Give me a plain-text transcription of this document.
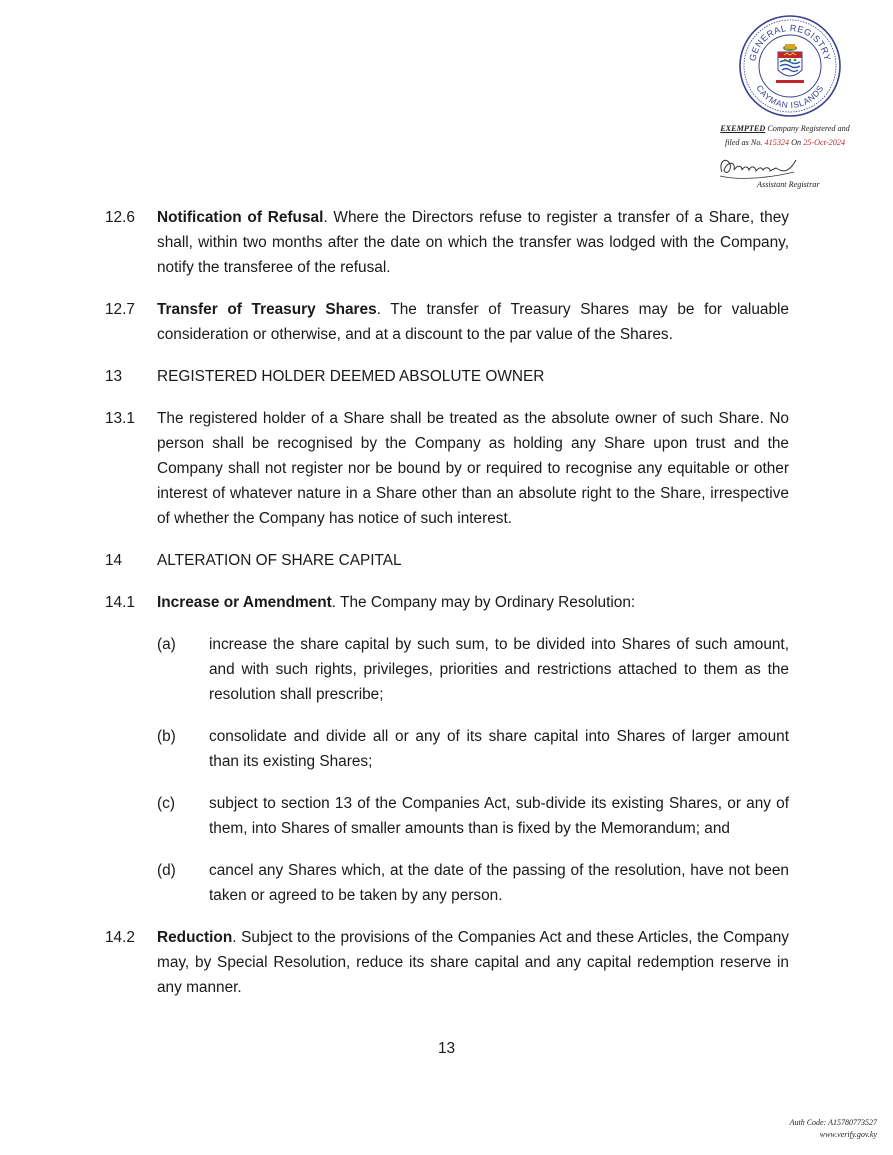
GENERAL REGISTRY
CAYMAN ISLANDS
EXEMPTED Company Registered and
filed as No. 415324 On 25-Oct-2024
Assistant Registrar
12.6 Notification of Refusal. Where the Directors refuse to register a transfer of a Share, they shall, within two months after the date on which the transfer was lodged with the Company, notify the transferee of the refusal.
12.7 Transfer of Treasury Shares. The transfer of Treasury Shares may be for valuable consideration or otherwise, and at a discount to the par value of the Shares.
13 REGISTERED HOLDER DEEMED ABSOLUTE OWNER
13.1 The registered holder of a Share shall be treated as the absolute owner of such Share. No person shall be recognised by the Company as holding any Share upon trust and the Company shall not register nor be bound by or required to recognise any equitable or other interest of whatever nature in a Share other than an absolute right to the Share, irrespective of whether the Company has notice of such interest.
14 ALTERATION OF SHARE CAPITAL
14.1 Increase or Amendment. The Company may by Ordinary Resolution:
(a) increase the share capital by such sum, to be divided into Shares of such amount, and with such rights, privileges, priorities and restrictions attached to them as the resolution shall prescribe;
(b) consolidate and divide all or any of its share capital into Shares of larger amount than its existing Shares;
(c) subject to section 13 of the Companies Act, sub-divide its existing Shares, or any of them, into Shares of smaller amounts than is fixed by the Memorandum; and
(d) cancel any Shares which, at the date of the passing of the resolution, have not been taken or agreed to be taken by any person.
14.2 Reduction. Subject to the provisions of the Companies Act and these Articles, the Company may, by Special Resolution, reduce its share capital and any capital redemption reserve in any manner.
13
Auth Code: A15780773527
www.verify.gov.ky
